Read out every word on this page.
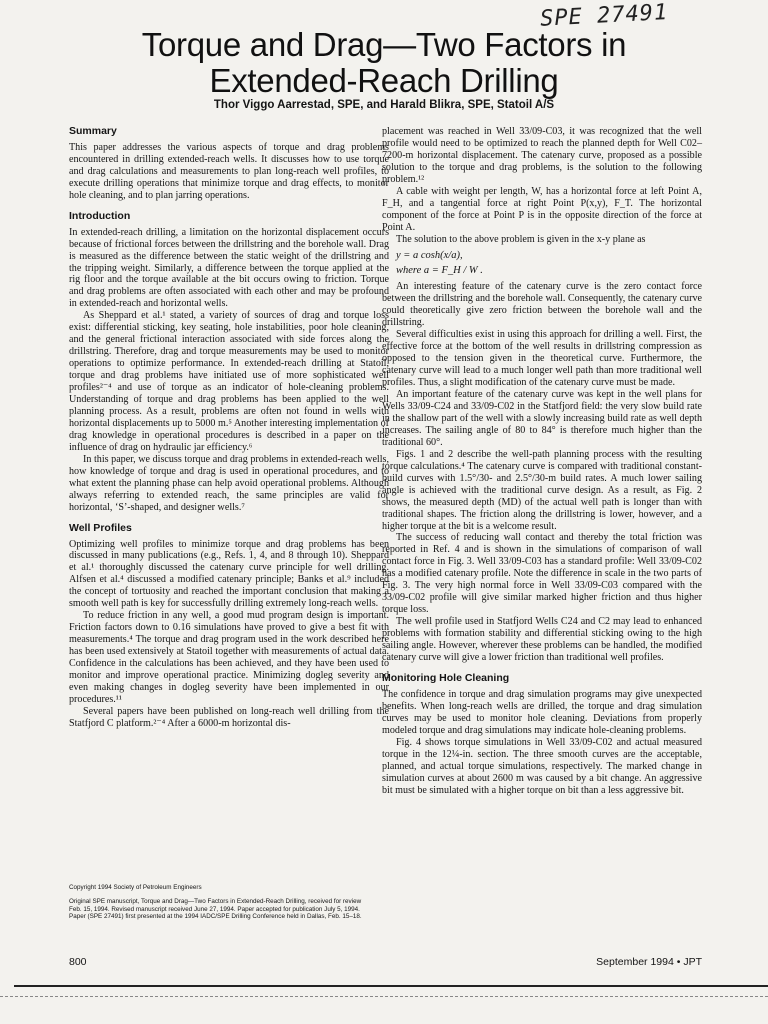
SPE 27491
Torque and Drag—Two Factors in
Extended-Reach Drilling
Thor Viggo Aarrestad, SPE, and Harald Blikra, SPE, Statoil A/S
Summary

This paper addresses the various aspects of torque and drag problems encountered in drilling extended-reach wells. It discusses how to use torque and drag calculations and measurements to plan long-reach well profiles, to execute drilling operations that minimize torque and drag effects, to monitor hole cleaning, and to plan jarring operations.

Introduction

In extended-reach drilling, a limitation on the horizontal displacement occurs because of frictional forces between the drillstring and the borehole wall. Drag is measured as the difference between the static weight of the drillstring and the tripping weight. Similarly, a difference between the torque applied at the rig floor and the torque available at the bit occurs owing to friction. Torque and drag problems are often associated with each other and may be profound in extended-reach and horizontal wells.

As Sheppard et al.¹ stated, a variety of sources of drag and torque loss exist: differential sticking, key seating, hole instabilities, poor hole cleaning, and the general frictional interaction associated with side forces along the drillstring. Therefore, drag and torque measurements may be used to monitor operations to optimize performance. In extended-reach drilling at Statoil, torque and drag problems have initiated use of more sophisticated well profiles²⁻⁴ and use of torque as an indicator of hole-cleaning problems. Understanding of torque and drag problems has been applied to the well planning process. As a result, problems are often not found in wells with horizontal displacements up to 5000 m.⁵ Another interesting implementation of drag knowledge in operational procedures is described in a paper on the influence of drag on hydraulic jar efficiency.⁶

In this paper, we discuss torque and drag problems in extended-reach wells, how knowledge of torque and drag is used in operational procedures, and to what extent the planning phase can help avoid operational problems. Although always referring to extended reach, the same principles are valid for horizontal, ‘S’-shaped, and designer wells.⁷

Well Profiles

Optimizing well profiles to minimize torque and drag problems has been discussed in many publications (e.g., Refs. 1, 4, and 8 through 10). Sheppard et al.¹ thoroughly discussed the catenary curve principle for well drilling. Alfsen et al.⁴ discussed a modified catenary principle; Banks et al.⁹ included the concept of tortuosity and reached the important conclusion that making a smooth well path is key for successfully drilling extremely long-reach wells.

To reduce friction in any well, a good mud program design is important. Friction factors down to 0.16 simulations have proved to give a best fit with measurements.⁴ The torque and drag program used in the work described here has been used extensively at Statoil together with measurements of actual data. Confidence in the calculations has been achieved, and they have been used to monitor and improve operational practice. Minimizing dogleg severity and even making changes in dogleg severity have been implemented in our procedures.¹¹

Several papers have been published on long-reach well drilling from the Statfjord C platform.²⁻⁴ After a 6000-m horizontal dis-

placement was reached in Well 33/09-C03, it was recognized that the well profile would need to be optimized to reach the planned depth for Well C02–7200-m horizontal displacement. The catenary curve, proposed as a possible solution to the torque and drag problems, is the solution to the following problem.¹²

A cable with weight per length, W, has a horizontal force at left Point A, F_H, and a tangential force at right Point P(x,y), F_T. The horizontal component of the force at Point P is in the opposite direction of the force at Point A.

The solution to the above problem is given in the x-y plane as

y = a cosh(x/a),
where a = F_H / W .

An interesting feature of the catenary curve is the zero contact force between the drillstring and the borehole wall. Consequently, the catenary curve could theoretically give zero friction between the borehole wall and the drillstring.

Several difficulties exist in using this approach for drilling a well. First, the effective force at the bottom of the well results in drillstring compression as opposed to the tension given in the theoretical curve. Furthermore, the catenary curve will lead to a much longer well path than more traditional well profiles. Thus, a slight modification of the catenary curve must be made.

An important feature of the catenary curve was kept in the well plans for Wells 33/09-C24 and 33/09-C02 in the Statfjord field: the very slow build rate in the shallow part of the well with a slowly increasing build rate as well depth increases. The sailing angle of 80 to 84° is therefore much higher than the traditional 60°.

Figs. 1 and 2 describe the well-path planning process with the resulting torque calculations.⁴ The catenary curve is compared with traditional constant-build curves with 1.5°/30- and 2.5°/30-m build rates. A much lower sailing angle is achieved with the traditional curve design. As a result, as Fig. 2 shows, the measured depth (MD) of the actual well path is longer than with traditional shapes. The friction along the drillstring is lower, however, and a higher torque at the bit is a welcome result.

The success of reducing wall contact and thereby the total friction was reported in Ref. 4 and is shown in the simulations of comparison of wall contact force in Fig. 3. Well 33/09-C03 has a standard profile: Well 33/09-C02 has a modified catenary profile. Note the difference in scale in the two parts of Fig. 3. The very high normal force in Well 33/09-C03 compared with the 33/09-C02 profile will give similar marked higher friction and thus higher torque loss.

The well profile used in Statfjord Wells C24 and C2 may lead to enhanced problems with formation stability and differential sticking owing to the high sailing angle. However, wherever these problems can be handled, the modified catenary curve will give a lower friction than traditional well profiles.

Monitoring Hole Cleaning

The confidence in torque and drag simulation programs may give unexpected benefits. When long-reach wells are drilled, the torque and drag simulation curves may be used to monitor hole cleaning. Deviations from properly modeled torque and drag simulations may indicate hole-cleaning problems.

Fig. 4 shows torque simulations in Well 33/09-C02 and actual measured torque in the 12¼-in. section. The three smooth curves are the acceptable, planned, and actual torque simulations, respectively. The marked change in simulation curves at about 2600 m was caused by a bit change. An aggressive bit must be simulated with a higher torque on bit than a less aggressive bit.

Copyright 1994 Society of Petroleum Engineers

Original SPE manuscript, Torque and Drag—Two Factors in Extended-Reach Drilling, received for review Feb. 15, 1994. Revised manuscript received June 27, 1994. Paper accepted for publication July 5, 1994. Paper (SPE 27491) first presented at the 1994 IADC/SPE Drilling Conference held in Dallas, Feb. 15–18.

800	September 1994 • JPT
